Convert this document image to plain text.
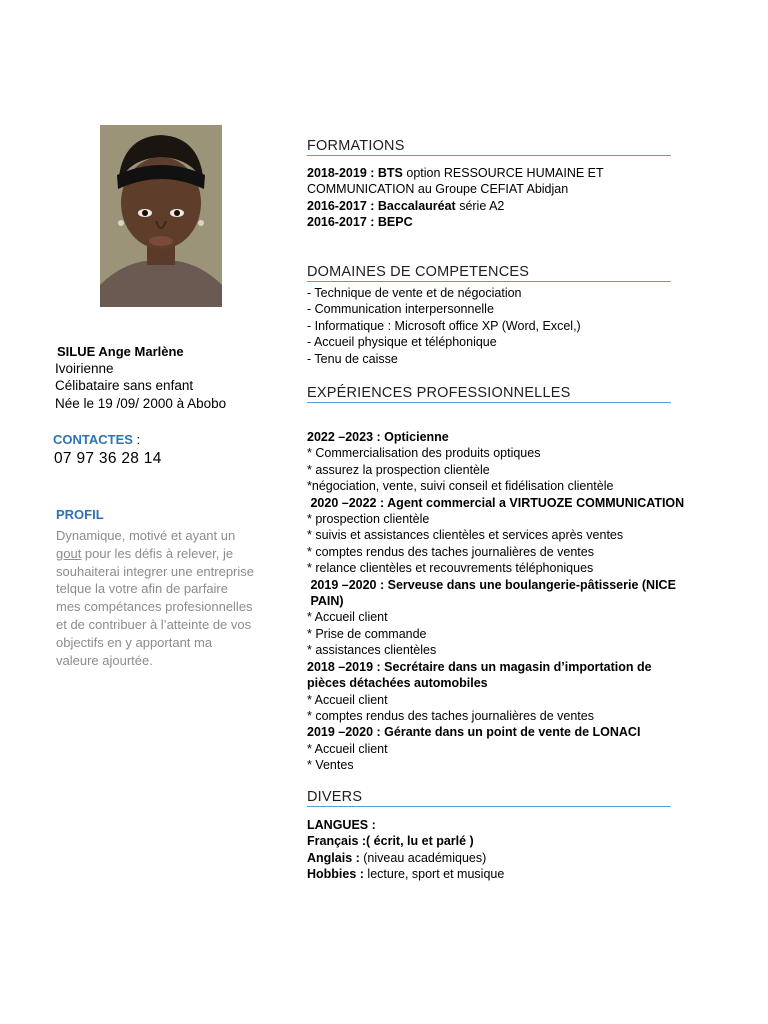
SILUE Ange Marlène
Ivoirienne
Célibataire sans enfant
Née le 19 /09/ 2000 à Abobo
CONTACTES :
07 97 36 28 14
PROFIL
Dynamique, motivé et ayant un gout pour les défis à relever, je souhaiterai integrer une entreprise telque la votre afin de parfaire mes compétances profesionnelles et de contribuer à l’atteinte de vos objectifs en y apportant ma valeure ajourtée.
FORMATIONS
2018-2019 : BTS option RESSOURCE HUMAINE ET
COMMUNICATION au Groupe CEFIAT Abidjan
2016-2017 : Baccalauréat série A2
2016-2017 : BEPC
DOMAINES DE COMPETENCES
- Technique de vente et de négociation
- Communication interpersonnelle
- Informatique : Microsoft office XP (Word, Excel,)
- Accueil physique et téléphonique
- Tenu de caisse
EXPÉRIENCES PROFESSIONNELLES
2022 –2023 : Opticienne
* Commercialisation des produits optiques
* assurez la prospection clientèle
*négociation, vente, suivi conseil et fidélisation clientèle
2020 –2022 : Agent commercial a VIRTUOZE COMMUNICATION
* prospection clientèle
* suivis et assistances clientèles et services après ventes
* comptes rendus des taches journalières de ventes
* relance clientèles et recouvrements téléphoniques
2019 –2020 : Serveuse dans une boulangerie-pâtisserie (NICE
PAIN)
* Accueil client
* Prise de commande
* assistances clientèles
2018 –2019 : Secrétaire dans un magasin d’importation de
pièces détachées automobiles
* Accueil client
* comptes rendus des taches journalières de ventes
2019 –2020 : Gérante dans un point de vente de LONACI
* Accueil client
* Ventes
DIVERS
LANGUES :
Français :( écrit, lu et parlé )
Anglais : (niveau académiques)
Hobbies : lecture, sport et musique
